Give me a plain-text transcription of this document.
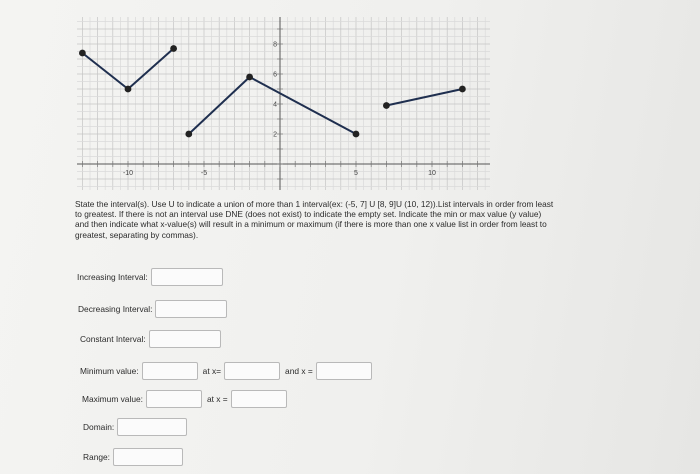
-10	-5	5	10
2
4
6
8
State the interval(s). Use U to indicate a union of more than 1 interval(ex: (-5, 7] U [8, 9]U (10, 12)).List intervals in order from least to greatest. If there is not an interval use DNE (does not exist) to indicate the empty set. Indicate the min or max value (y value) and then indicate what x-value(s) will result in a minimum or maximum (if there is more than one x value list in order from least to greatest, separating by commas).
Increasing Interval:
Decreasing Interval:
Constant Interval:
Minimum value:	at x=	and x =
Maximum value:	at x =
Domain:
Range:
